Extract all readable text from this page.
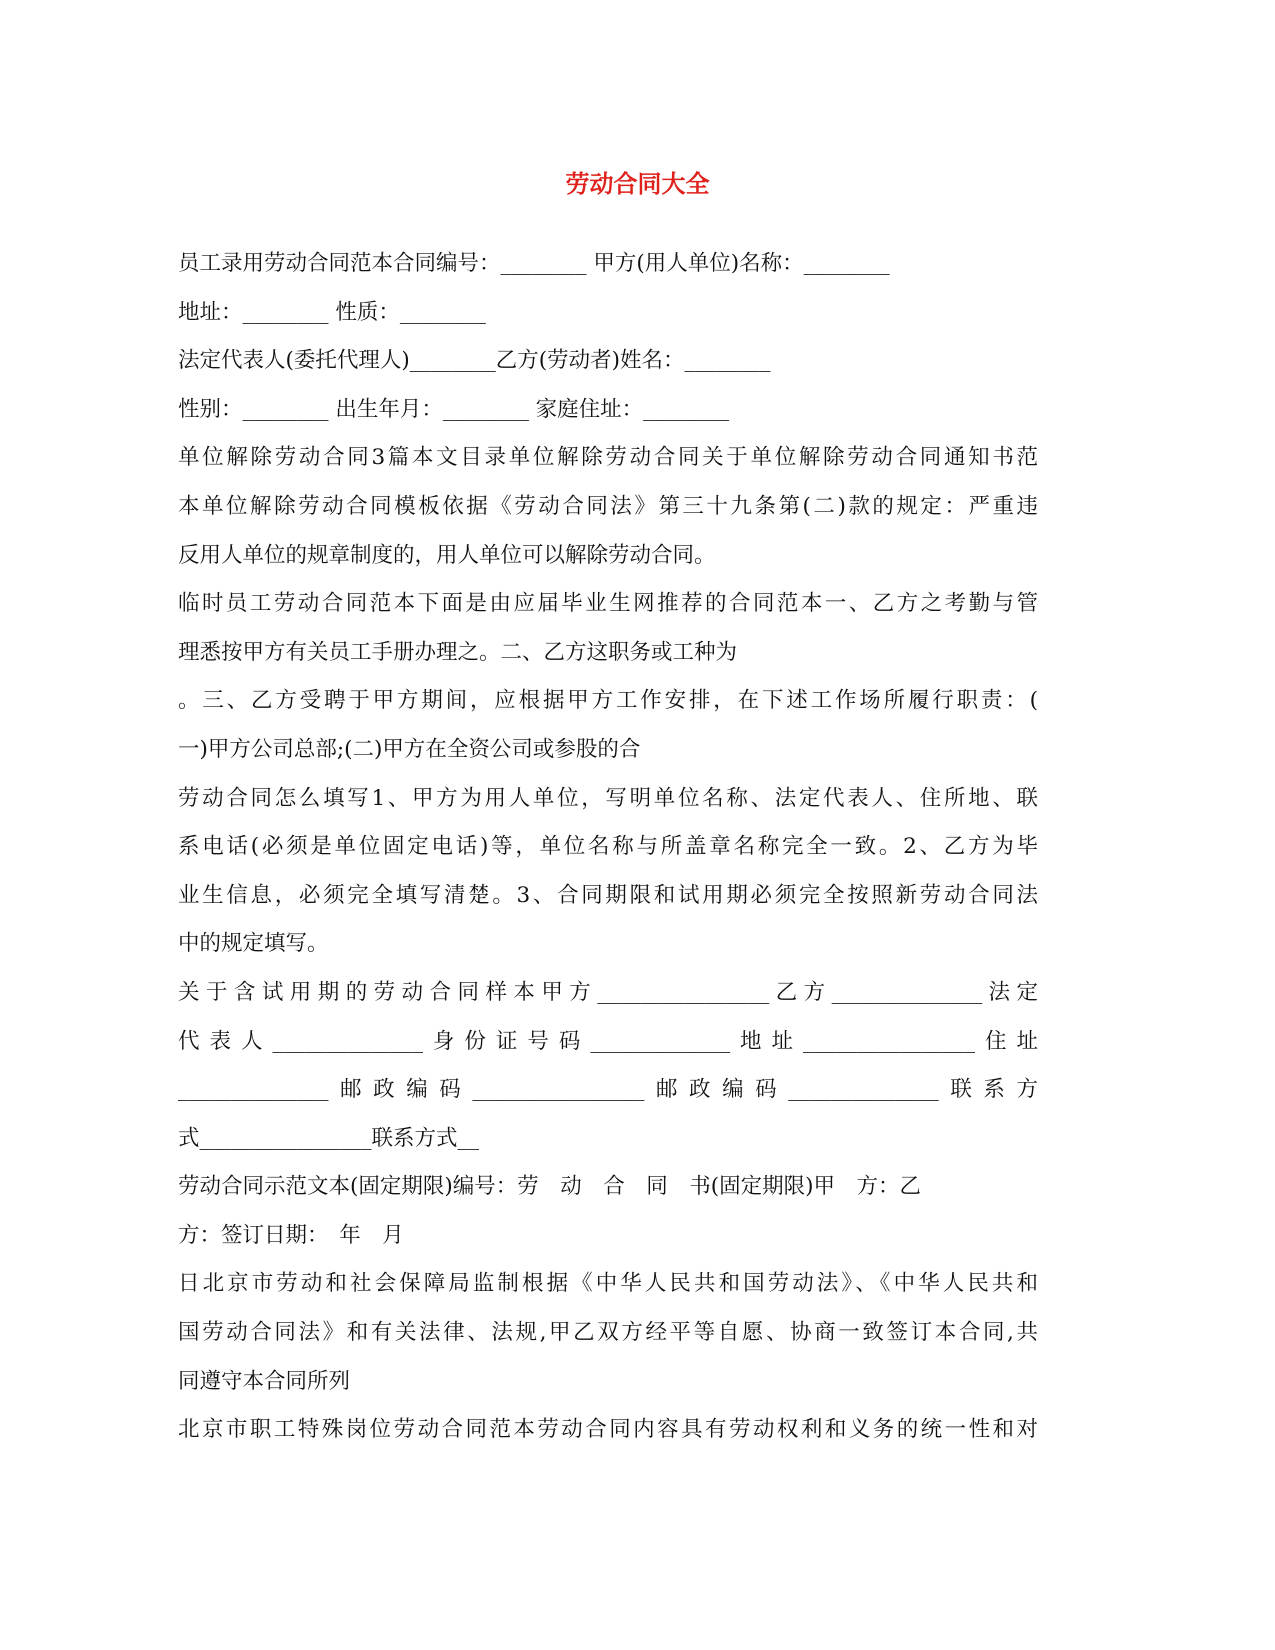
劳动合同大全
员工录用劳动合同范本合同编号：________ 甲方(用人单位)名称：________
地址：________ 性质：________
法定代表人(委托代理人)________乙方(劳动者)姓名：________
性别：________ 出生年月：________ 家庭住址：________
单位解除劳动合同3篇本文目录单位解除劳动合同关于单位解除劳动合同通知书范
本单位解除劳动合同模板依据《劳动合同法》第三十九条第(二)款的规定：严重违
反用人单位的规章制度的，用人单位可以解除劳动合同。
临时员工劳动合同范本下面是由应届毕业生网推荐的合同范本一、乙方之考勤与管
理悉按甲方有关员工手册办理之。二、乙方这职务或工种为
。三、乙方受聘于甲方期间，应根据甲方工作安排，在下述工作场所履行职责：(
一)甲方公司总部;(二)甲方在全资公司或参股的合
劳动合同怎么填写1、甲方为用人单位，写明单位名称、法定代表人、住所地、联
系电话(必须是单位固定电话)等，单位名称与所盖章名称完全一致。2、乙方为毕
业生信息，必须完全填写清楚。3、合同期限和试用期必须完全按照新劳动合同法
中的规定填写。
关于含试用期的劳动合同样本甲方________________乙方______________法定
代表人______________身份证号码_____________地址________________住址
______________邮政编码________________邮政编码______________联系方
式________________联系方式__
劳动合同示范文本(固定期限)编号：劳　动　合　同　书(固定期限)甲　方：乙
方：签订日期：　年　月
日北京市劳动和社会保障局监制根据《中华人民共和国劳动法》、《中华人民共和
国劳动合同法》和有关法律、法规,甲乙双方经平等自愿、协商一致签订本合同,共
同遵守本合同所列
北京市职工特殊岗位劳动合同范本劳动合同内容具有劳动权利和义务的统一性和对
